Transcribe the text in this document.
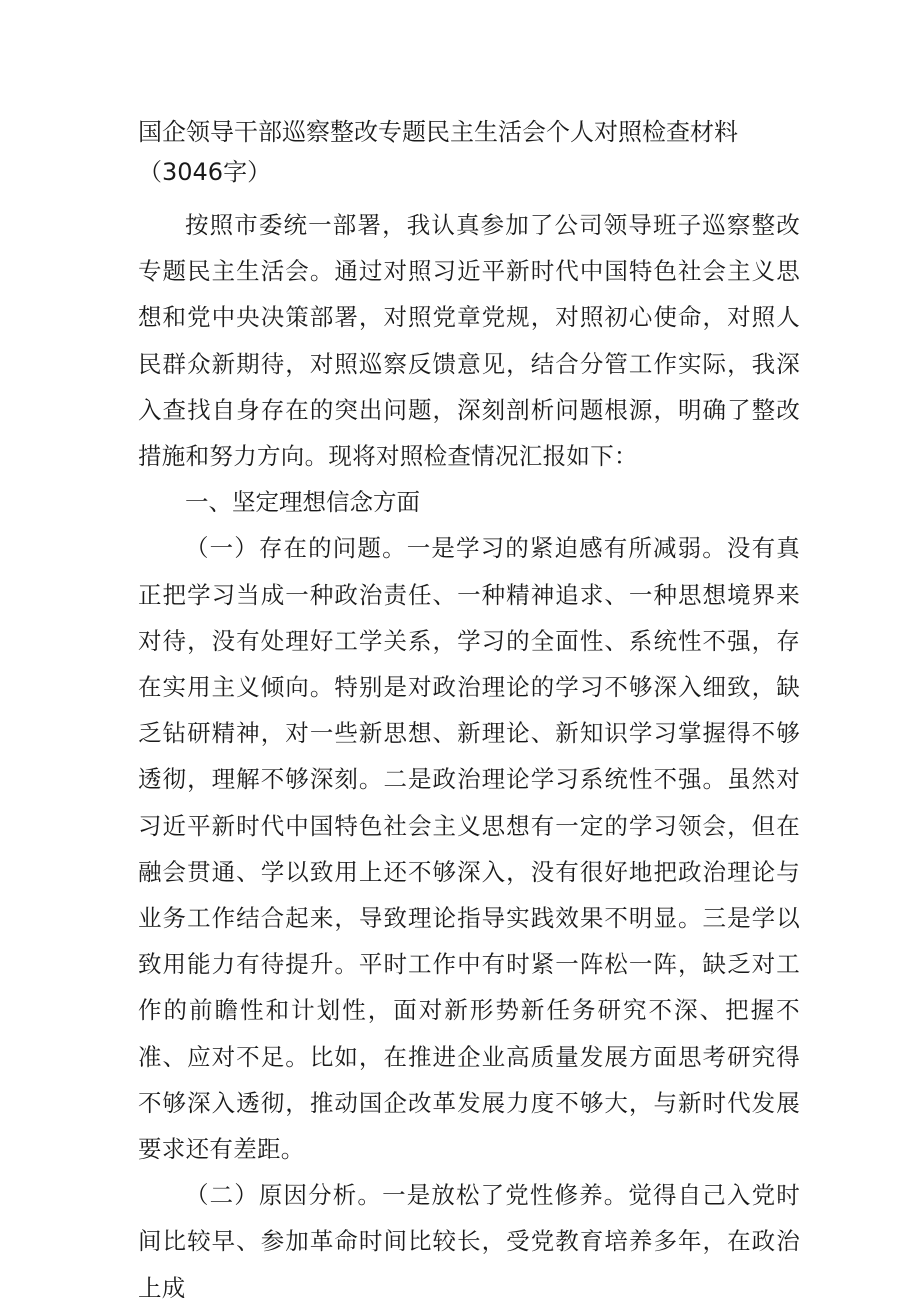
国企领导干部巡察整改专题民主生活会个人对照检查材料（3046字）

按照市委统一部署，我认真参加了公司领导班子巡察整改专题民主生活会。通过对照习近平新时代中国特色社会主义思想和党中央决策部署，对照党章党规，对照初心使命，对照人民群众新期待，对照巡察反馈意见，结合分管工作实际，我深入查找自身存在的突出问题，深刻剖析问题根源，明确了整改措施和努力方向。现将对照检查情况汇报如下：

一、坚定理想信念方面

（一）存在的问题。一是学习的紧迫感有所减弱。没有真正把学习当成一种政治责任、一种精神追求、一种思想境界来对待，没有处理好工学关系，学习的全面性、系统性不强，存在实用主义倾向。特别是对政治理论的学习不够深入细致，缺乏钻研精神，对一些新思想、新理论、新知识学习掌握得不够透彻，理解不够深刻。二是政治理论学习系统性不强。虽然对习近平新时代中国特色社会主义思想有一定的学习领会，但在融会贯通、学以致用上还不够深入，没有很好地把政治理论与业务工作结合起来，导致理论指导实践效果不明显。三是学以致用能力有待提升。平时工作中有时紧一阵松一阵，缺乏对工作的前瞻性和计划性，面对新形势新任务研究不深、把握不准、应对不足。比如，在推进企业高质量发展方面思考研究得不够深入透彻，推动国企改革发展力度不够大，与新时代发展要求还有差距。

（二）原因分析。一是放松了党性修养。觉得自己入党时间比较早、参加革命时间比较长，受党教育培养多年，在政治上成
